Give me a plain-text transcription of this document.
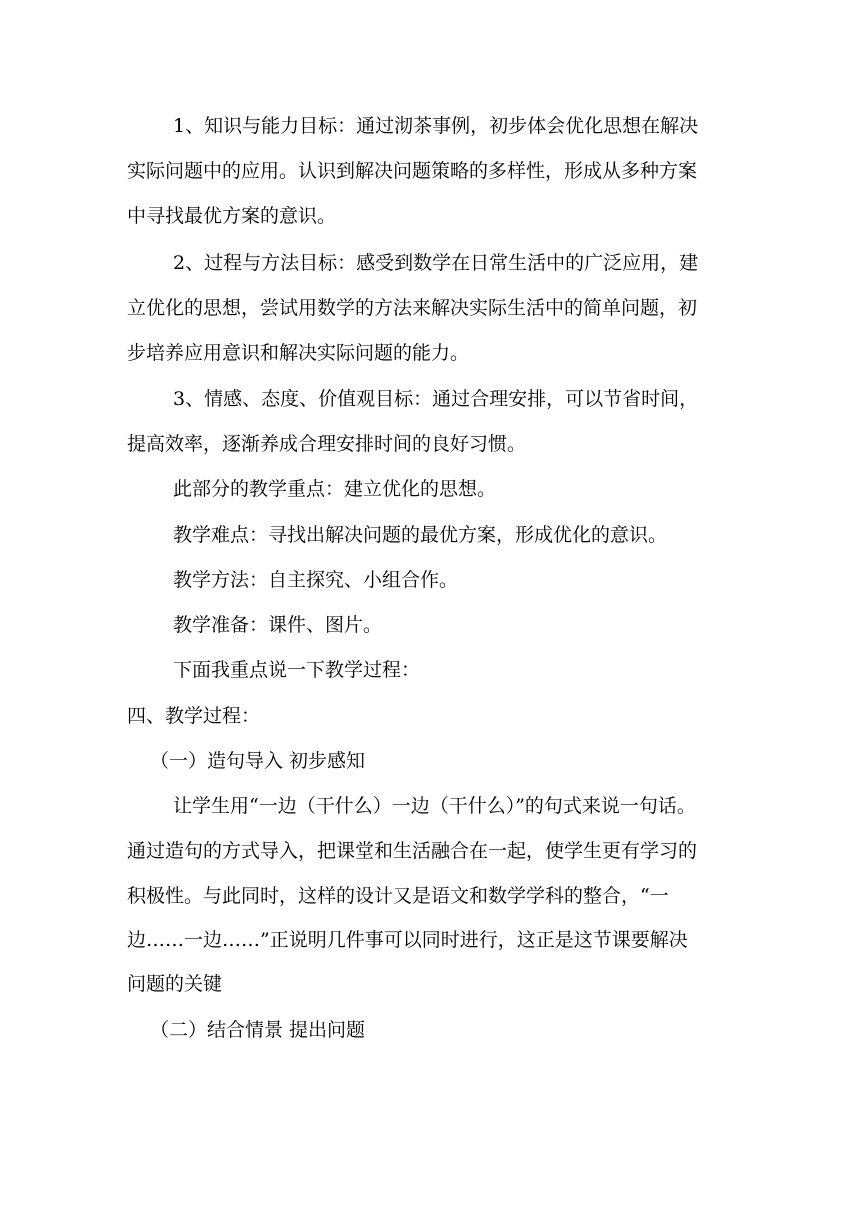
1、知识与能力目标：通过沏茶事例，初步体会优化思想在解决
实际问题中的应用。认识到解决问题策略的多样性，形成从多种方案
中寻找最优方案的意识。
2、过程与方法目标：感受到数学在日常生活中的广泛应用，建
立优化的思想，尝试用数学的方法来解决实际生活中的简单问题，初
步培养应用意识和解决实际问题的能力。
3、情感、态度、价值观目标：通过合理安排，可以节省时间，
提高效率，逐渐养成合理安排时间的良好习惯。
此部分的教学重点：建立优化的思想。
教学难点：寻找出解决问题的最优方案，形成优化的意识。
教学方法：自主探究、小组合作。
教学准备：课件、图片。
下面我重点说一下教学过程：
四、教学过程：
（一）造句导入 初步感知
让学生用“一边（干什么）一边（干什么）”的句式来说一句话。
通过造句的方式导入，把课堂和生活融合在一起，使学生更有学习的
积极性。与此同时，这样的设计又是语文和数学学科的整合，“一
边……一边……”正说明几件事可以同时进行，这正是这节课要解决
问题的关键
（二）结合情景 提出问题
